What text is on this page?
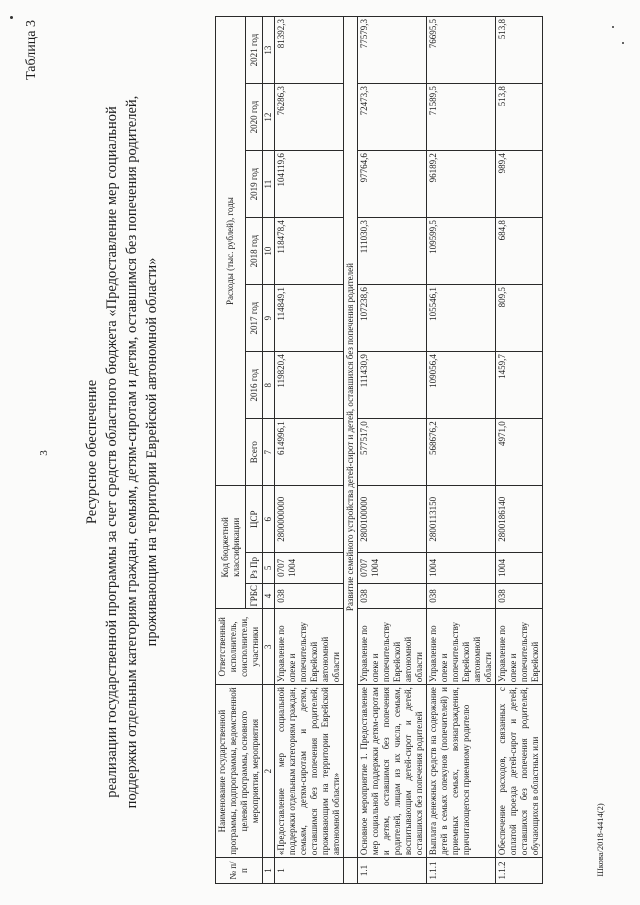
3
Шкова/2018-4414(2)
Таблица 3
Ресурсное обеспечение реализации государственной программы за счет средств областного бюджета «Предоставление мер социальной поддержки отдельным категориям граждан, семьям, детям-сиротам и детям, оставшимся без попечения родителей, проживающим на территории Еврейской автономной области»
№ п/п	Наименование государственной программы, подпрограммы, ведомственной целевой программы, основного мероприятия, мероприятия	Ответственный исполнитель, соисполнители, участники	Код бюджетной классификации			Расходы (тыс. рублей), годы						
			ГРБС	Рз Пр	ЦСР	Всего	2016 год	2017 год	2018 год	2019 год	2020 год	2021 год
1	2	3	4	5	6	7	8	9	10	11	12	13
1	«Предоставление мер социальной поддержки отдельным категориям граждан, семьям, детям-сиротам и детям, оставшимся без попечения родителей, проживающим на территории Еврейской автономной области»	Управление по опеке и попечительству Еврейской автономной области	038	0707 1004	2800000000	614996,1	119820,4	114849,1	118478,4	104119,6	76286,3	81392,3
	Развитие семейного устройства детей-сирот и детей, оставшихся без попечения родителей											
1.1	Основное мероприятие 1. Предоставление мер социальной поддержки детям-сиротам и детям, оставшимся без попечения родителей, лицам из их числа, семьям, воспитывающим детей-сирот и детей, оставшихся без попечения родителей	Управление по опеке и попечительству Еврейской автономной области	038	0707 1004	2800100000	577517,0	111430,9	107238,6	111030,3	97764,6	72473,3	77579,3
1.1.1	Выплата денежных средств на содержание детей в семьях опекунов (попечителей) и приемных семьях, вознаграждения, причитающегося приемному родителю	Управление по опеке и попечительству Еврейской автономной области	038	1004	2800113150	568676,2	109056,4	105546,1	109599,5	96189,2	71589,5	76695,5
1.1.2	Обеспечение расходов, связанных с оплатой проезда детей-сирот и детей, оставшихся без попечения родителей, обучающихся в областных или	Управление по опеке и попечительству Еврейской	038	1004	2800186140	4971,0	1459,7	809,5	684,8	989,4	513,8	513,8
